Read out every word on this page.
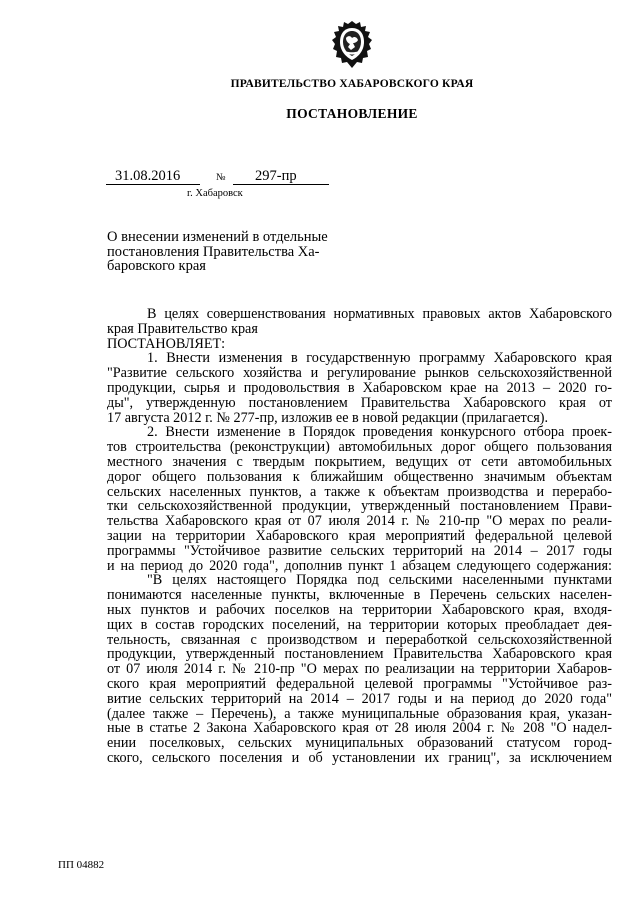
ПРАВИТЕЛЬСТВО ХАБАРОВСКОГО КРАЯ
ПОСТАНОВЛЕНИЕ
31.08.2016	№	297-пр
г. Хабаровск
О внесении изменений в отдельные
постановления Правительства Ха-
баровского края
В целях совершенствования нормативных правовых актов Хабаровского
края Правительство края
ПОСТАНОВЛЯЕТ:
1. Внести изменения в государственную программу Хабаровского края
"Развитие сельского хозяйства и регулирование рынков сельскохозяйственной
продукции, сырья и продовольствия в Хабаровском крае на 2013 – 2020 го-
ды", утвержденную постановлением Правительства Хабаровского края от
17 августа 2012 г. № 277-пр, изложив ее в новой редакции (прилагается).
2. Внести изменение в Порядок проведения конкурсного отбора проек-
тов строительства (реконструкции) автомобильных дорог общего пользования
местного значения с твердым покрытием, ведущих от сети автомобильных
дорог общего пользования к ближайшим общественно значимым объектам
сельских населенных пунктов, а также к объектам производства и перерабо-
тки сельскохозяйственной продукции, утвержденный постановлением Прави-
тельства Хабаровского края от 07 июля 2014 г. № 210-пр "О мерах по реали-
зации на территории Хабаровского края мероприятий федеральной целевой
программы "Устойчивое развитие сельских территорий на 2014 – 2017 годы
и на период до 2020 года", дополнив пункт 1 абзацем следующего содержания:
"В целях настоящего Порядка под сельскими населенными пунктами
понимаются населенные пункты, включенные в Перечень сельских населен-
ных пунктов и рабочих поселков на территории Хабаровского края, входя-
щих в состав городских поселений, на территории которых преобладает дея-
тельность, связанная с производством и переработкой сельскохозяйственной
продукции, утвержденный постановлением Правительства Хабаровского края
от 07 июля 2014 г. № 210-пр "О мерах по реализации на территории Хабаров-
ского края мероприятий федеральной целевой программы "Устойчивое раз-
витие сельских территорий на 2014 – 2017 годы и на период до 2020 года"
(далее также – Перечень), а также муниципальные образования края, указан-
ные в статье 2 Закона Хабаровского края от 28 июля 2004 г. № 208 "О надел-
ении поселковых, сельских муниципальных образований статусом город-
ского, сельского поселения и об установлении их границ", за исключением
ПП 04882
